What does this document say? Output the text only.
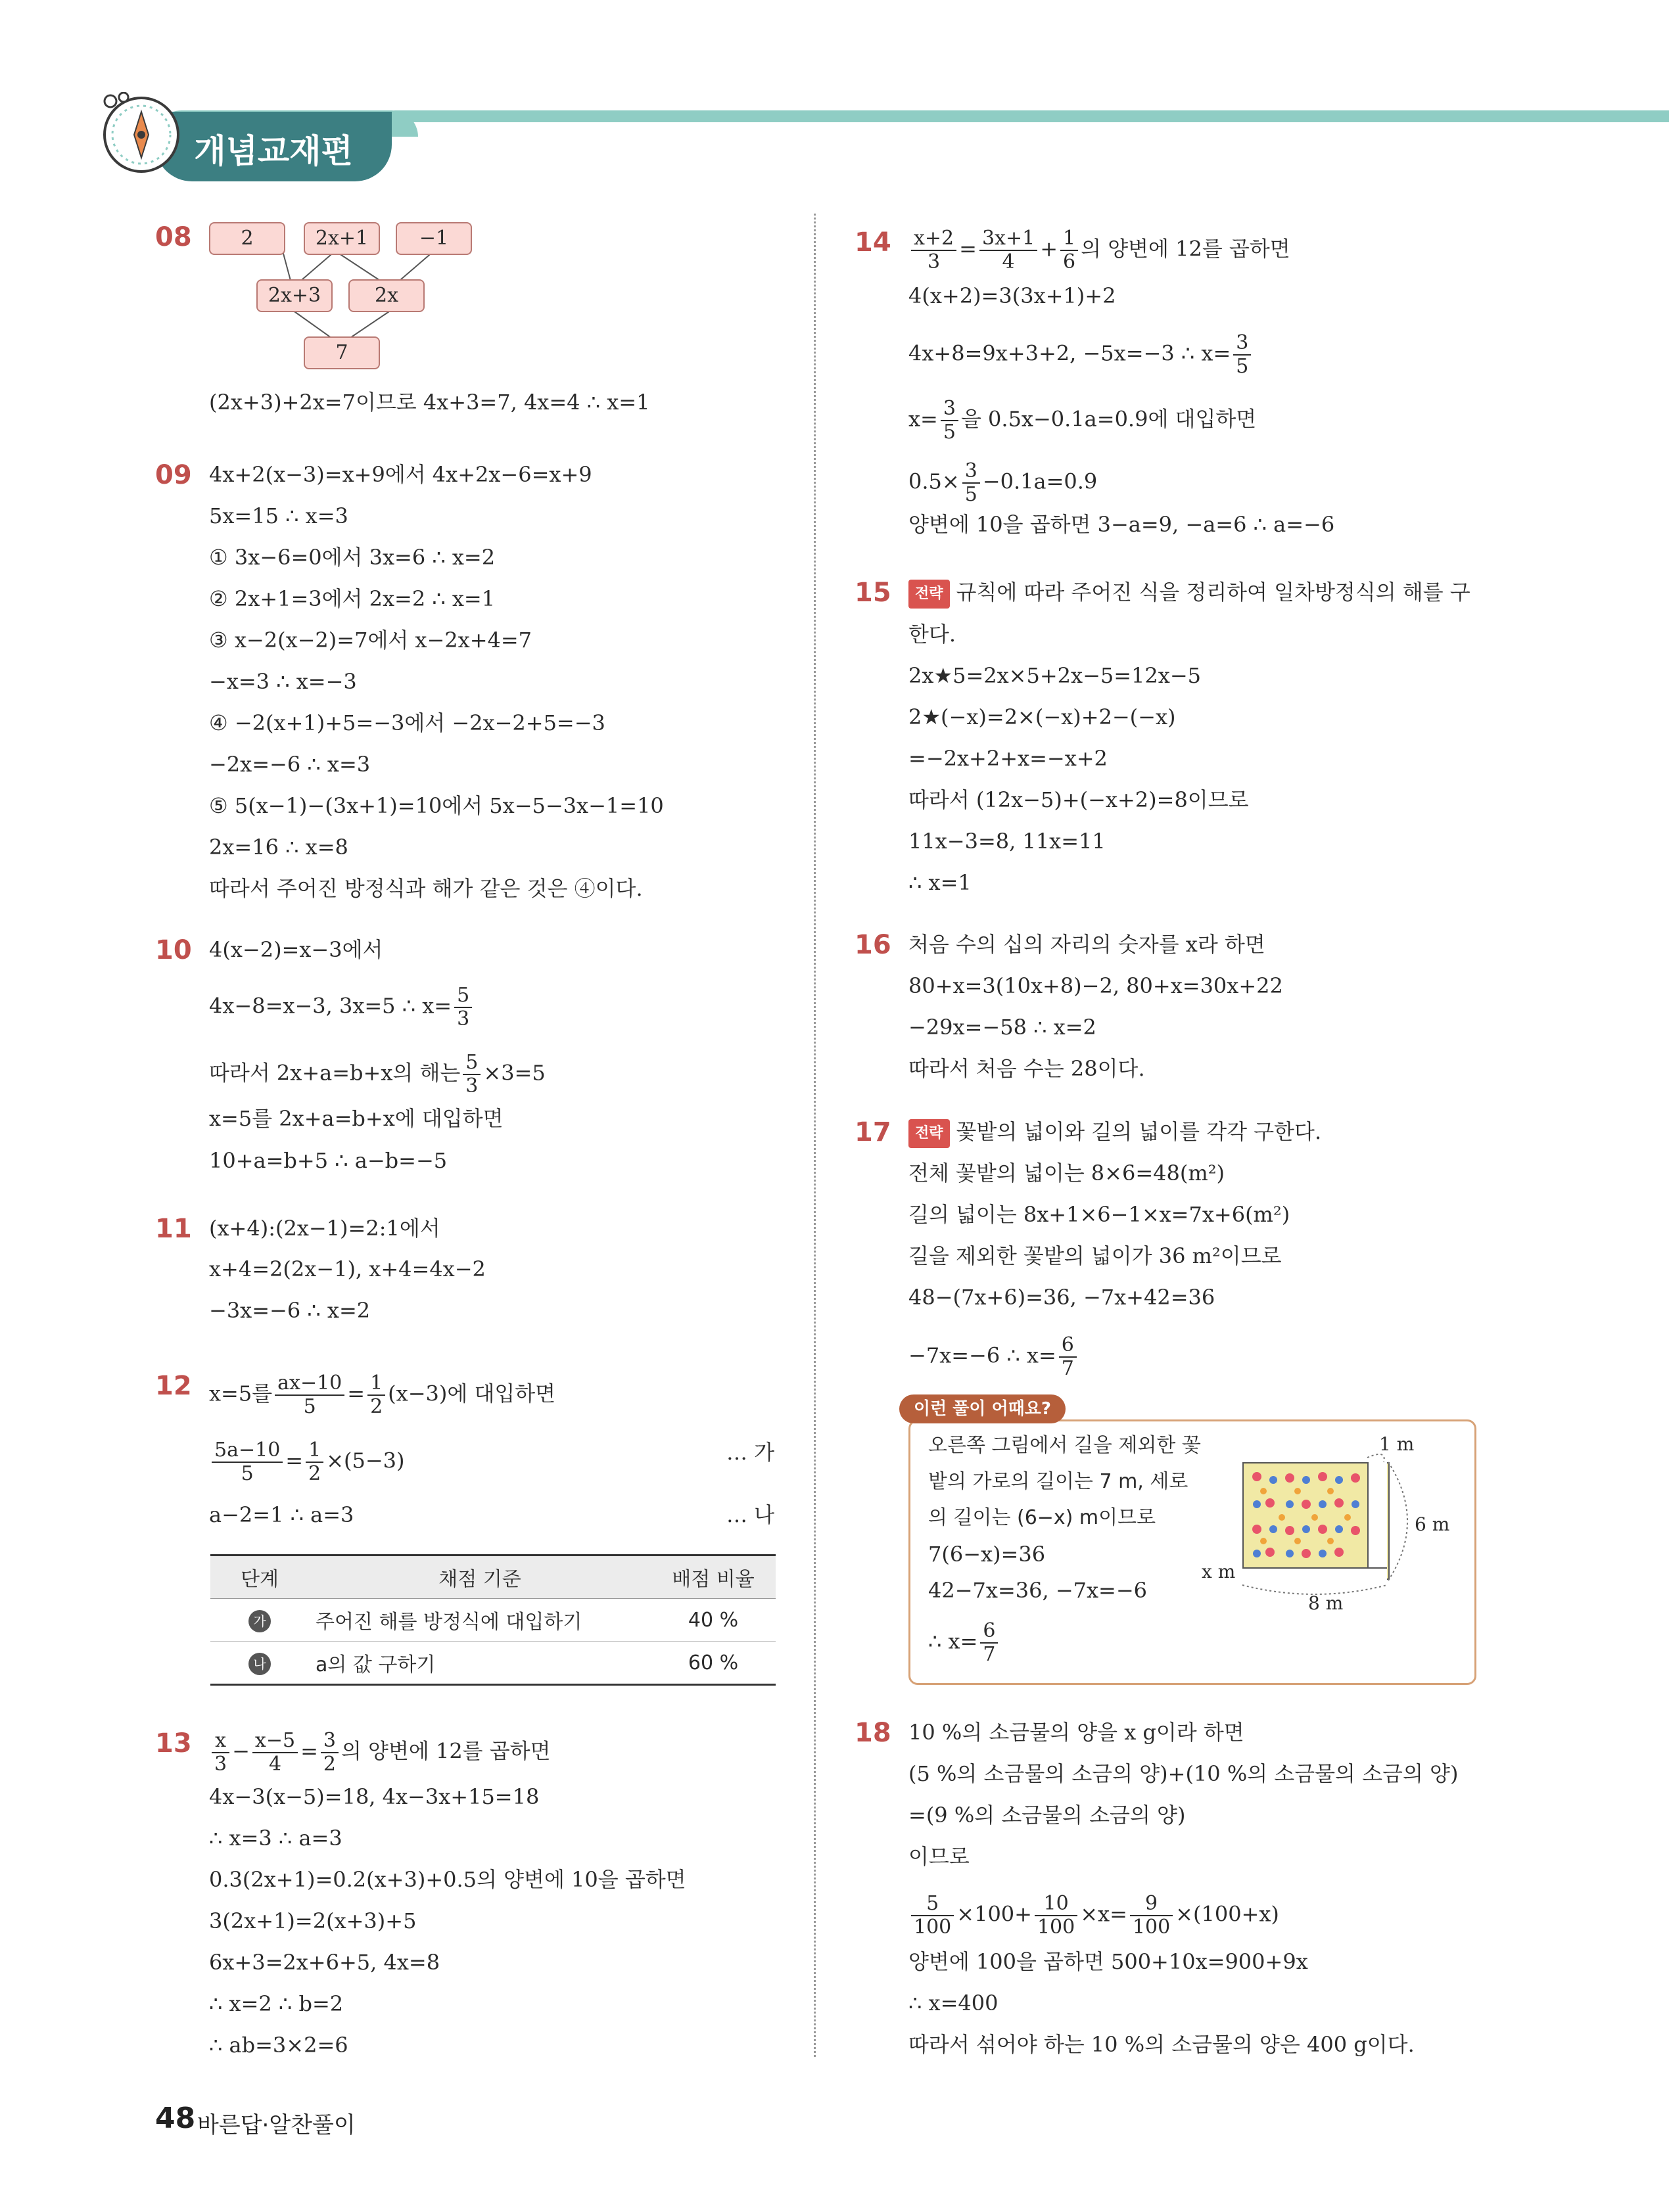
개념교재편
08	2	2x+1	−1
2x+3	2x
7
(2x+3)+2x=7이므로 4x+3=7, 4x=4 ∴ x=1
09 4x+2(x−3)=x+9에서 4x+2x−6=x+9
5x=15 ∴ x=3
① 3x−6=0에서 3x=6 ∴ x=2
② 2x+1=3에서 2x=2 ∴ x=1
③ x−2(x−2)=7에서 x−2x+4=7
−x=3 ∴ x=−3
④ −2(x+1)+5=−3에서 −2x−2+5=−3
−2x=−6 ∴ x=3
⑤ 5(x−1)−(3x+1)=10에서 5x−5−3x−1=10
2x=16 ∴ x=8
따라서 주어진 방정식과 해가 같은 것은 ④이다.
10 4(x−2)=x−3에서
4x−8=x−3, 3x=5 ∴ $x= \frac{5}{3}$
따라서 2x+a=b+x의 해는 $\frac{5}{3} \times 3=5$
x=5를 2x+a=b+x에 대입하면
10+a=b+5 ∴ a−b=−5
11 (x+4):(2x−1)=2:1에서
x+4=2(2x−1), x+4=4x−2
−3x=−6 ∴ x=2
12 x=5를 $\frac{ax-10}{5} = \frac{1}{2} (x-3)$에 대입하면
$\frac{5a-10}{5} = \frac{1}{2} \times(5-3)$	… 가
a−2=1 ∴ a=3	… 나
단계	채점 기준	배점 비율
가	주어진 해를 방정식에 대입하기	40 %
나	a의 값 구하기	60 %
$13 \frac{x}{3} - \frac{x-5}{4} = \frac{3}{2}$ 의 양변에 12를 곱하면
4x−3(x−5)=18, 4x−3x+15=18
∴ x=3 ∴ a=3
0.3(2x+1)=0.2(x+3)+0.5의 양변에 10을 곱하면
3(2x+1)=2(x+3)+5
6x+3=2x+6+5, 4x=8
∴ x=2 ∴ b=2
∴ ab=3×2=6
$14 \frac{x+2}{3} = \frac{3x+1}{4} + \frac{1}{6}$ 의 양변에 12를 곱하면
4(x+2)=3(3x+1)+2
4x+8=9x+3+2, −5x=−3 ∴ $x= \frac{3}{5}$
$x= \frac{3}{5}$ 을 0.5x−0.1a=0.9에 대입하면
$0.5\times \frac{3}{5} -0.1a=0.9$
양변에 10을 곱하면 3−a=9, −a=6 ∴ a=−6
15	전략 규칙에 따라 주어진 식을 정리하여 일차방정식의 해를 구
한다.
2x★5=2x×5+2x−5=12x−5
2★(−x)=2×(−x)+2−(−x)
=−2x+2+x=−x+2
따라서 (12x−5)+(−x+2)=8이므로
11x−3=8, 11x=11
∴ x=1
16 처음 수의 십의 자리의 숫자를 x라 하면
80+x=3(10x+8)−2, 80+x=30x+22
−29x=−58 ∴ x=2
따라서 처음 수는 28이다.
17	전략 꽃밭의 넓이와 길의 넓이를 각각 구한다.
전체 꽃밭의 넓이는 8×6=48(m²)
길의 넓이는 8x+1×6−1×x=7x+6(m²)
길을 제외한 꽃밭의 넓이가 36 m²이므로
48−(7x+6)=36, −7x+42=36
−7x=−6 ∴ $x= \frac{6}{7}$
이런 풀이 어때요?
오른쪽 그림에서 길을 제외한 꽃
밭의 가로의 길이는 7 m, 세로
의 길이는 (6−x) m이므로
7(6−x)=36
42−7x=36, −7x=−6
∴ $x= \frac{6}{7}$
1 m
6 m
8 m
x m
18 10 %의 소금물의 양을 x g이라 하면
(5 %의 소금물의 소금의 양)+(10 %의 소금물의 소금의 양)
=(9 %의 소금물의 소금의 양)
이므로
$\frac{5}{100} \times 100+ \frac{10}{100} \times x= \frac{9}{100} \times(100+x)$
양변에 100을 곱하면 500+10x=900+9x
∴ x=400
따라서 섞어야 하는 10 %의 소금물의 양은 400 g이다.
48 바른답·알찬풀이
